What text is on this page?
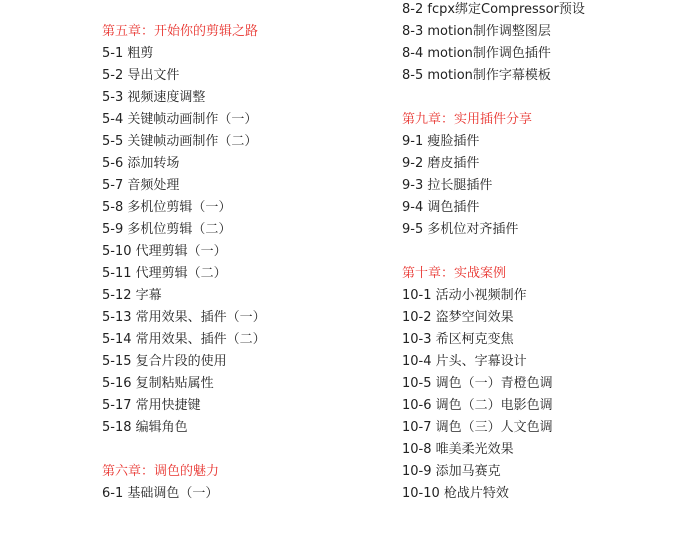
第五章：开始你的剪辑之路
5-1 粗剪
5-2 导出文件
5-3 视频速度调整
5-4 关键帧动画制作（一）
5-5 关键帧动画制作（二）
5-6 添加转场
5-7 音频处理
5-8 多机位剪辑（一）
5-9 多机位剪辑（二）
5-10 代理剪辑（一）
5-11 代理剪辑（二）
5-12 字幕
5-13 常用效果、插件（一）
5-14 常用效果、插件（二）
5-15 复合片段的使用
5-16 复制粘贴属性
5-17 常用快捷键
5-18 编辑角色
第六章：调色的魅力
6-1 基础调色（一）
8-2 fcpx绑定Compressor预设
8-3 motion制作调整图层
8-4 motion制作调色插件
8-5 motion制作字幕模板
第九章：实用插件分享
9-1 瘦脸插件
9-2 磨皮插件
9-3 拉长腿插件
9-4 调色插件
9-5 多机位对齐插件
第十章：实战案例
10-1 活动小视频制作
10-2 盗梦空间效果
10-3 希区柯克变焦
10-4 片头、字幕设计
10-5 调色（一）青橙色调
10-6 调色（二）电影色调
10-7 调色（三）人文色调
10-8 唯美柔光效果
10-9 添加马赛克
10-10 枪战片特效
